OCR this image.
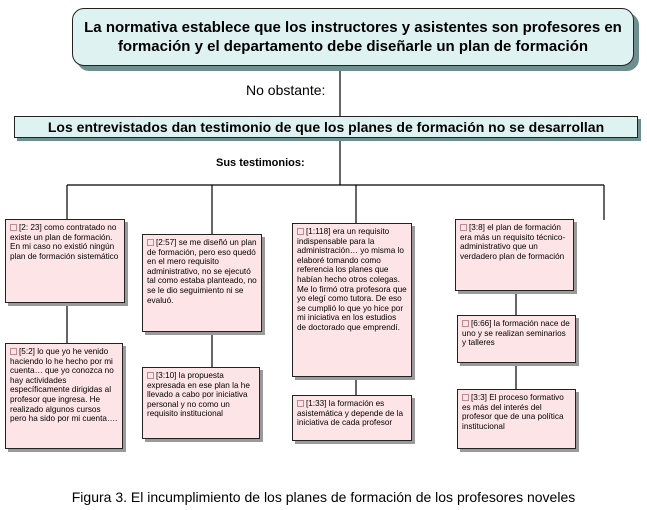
La normativa establece que los instructores y asistentes son profesores en formación y el departamento debe diseñarle un plan de formación
No obstante:
Los entrevistados dan testimonio de que los planes de formación no se desarrollan
Sus testimonios:
[2: 23] como contratado no existe un plan de formación. En mi caso no existió ningún plan de formación sistemático
[5:2] lo que yo he venido haciendo lo he hecho por mi cuenta… que yo conozca no hay actividades específicamente dirigidas al profesor que ingresa. He realizado algunos cursos pero ha sido por mi cuenta….
[2:57] se me diseñó un plan de formación, pero eso quedó en el mero requisito administrativo, no se ejecutó tal como estaba planteado, no se le dio seguimiento ni se evaluó.
[3:10] la propuesta expresada en ese plan la he llevado a cabo por iniciativa personal y no como un requisito institucional
[1:118] era un requisito indispensable para la administración… yo misma lo elaboré tomando como referencia los planes que habían hecho otros colegas. Me lo firmó otra profesora que yo elegí como tutora. De eso se cumplió lo que yo hice por mi iniciativa en los estudios de doctorado que emprendí.
[1:33] la formación es asistemática y depende de la iniciativa de cada profesor
[3:8] el plan de formación era más un requisito técnico-administrativo que un verdadero plan de formación
[6:66] la formación nace de uno y se realizan seminarios y talleres
[3:3] El proceso formativo es más del interés del profesor que de una política institucional
Figura 3. El incumplimiento de los planes de formación de los profesores noveles
